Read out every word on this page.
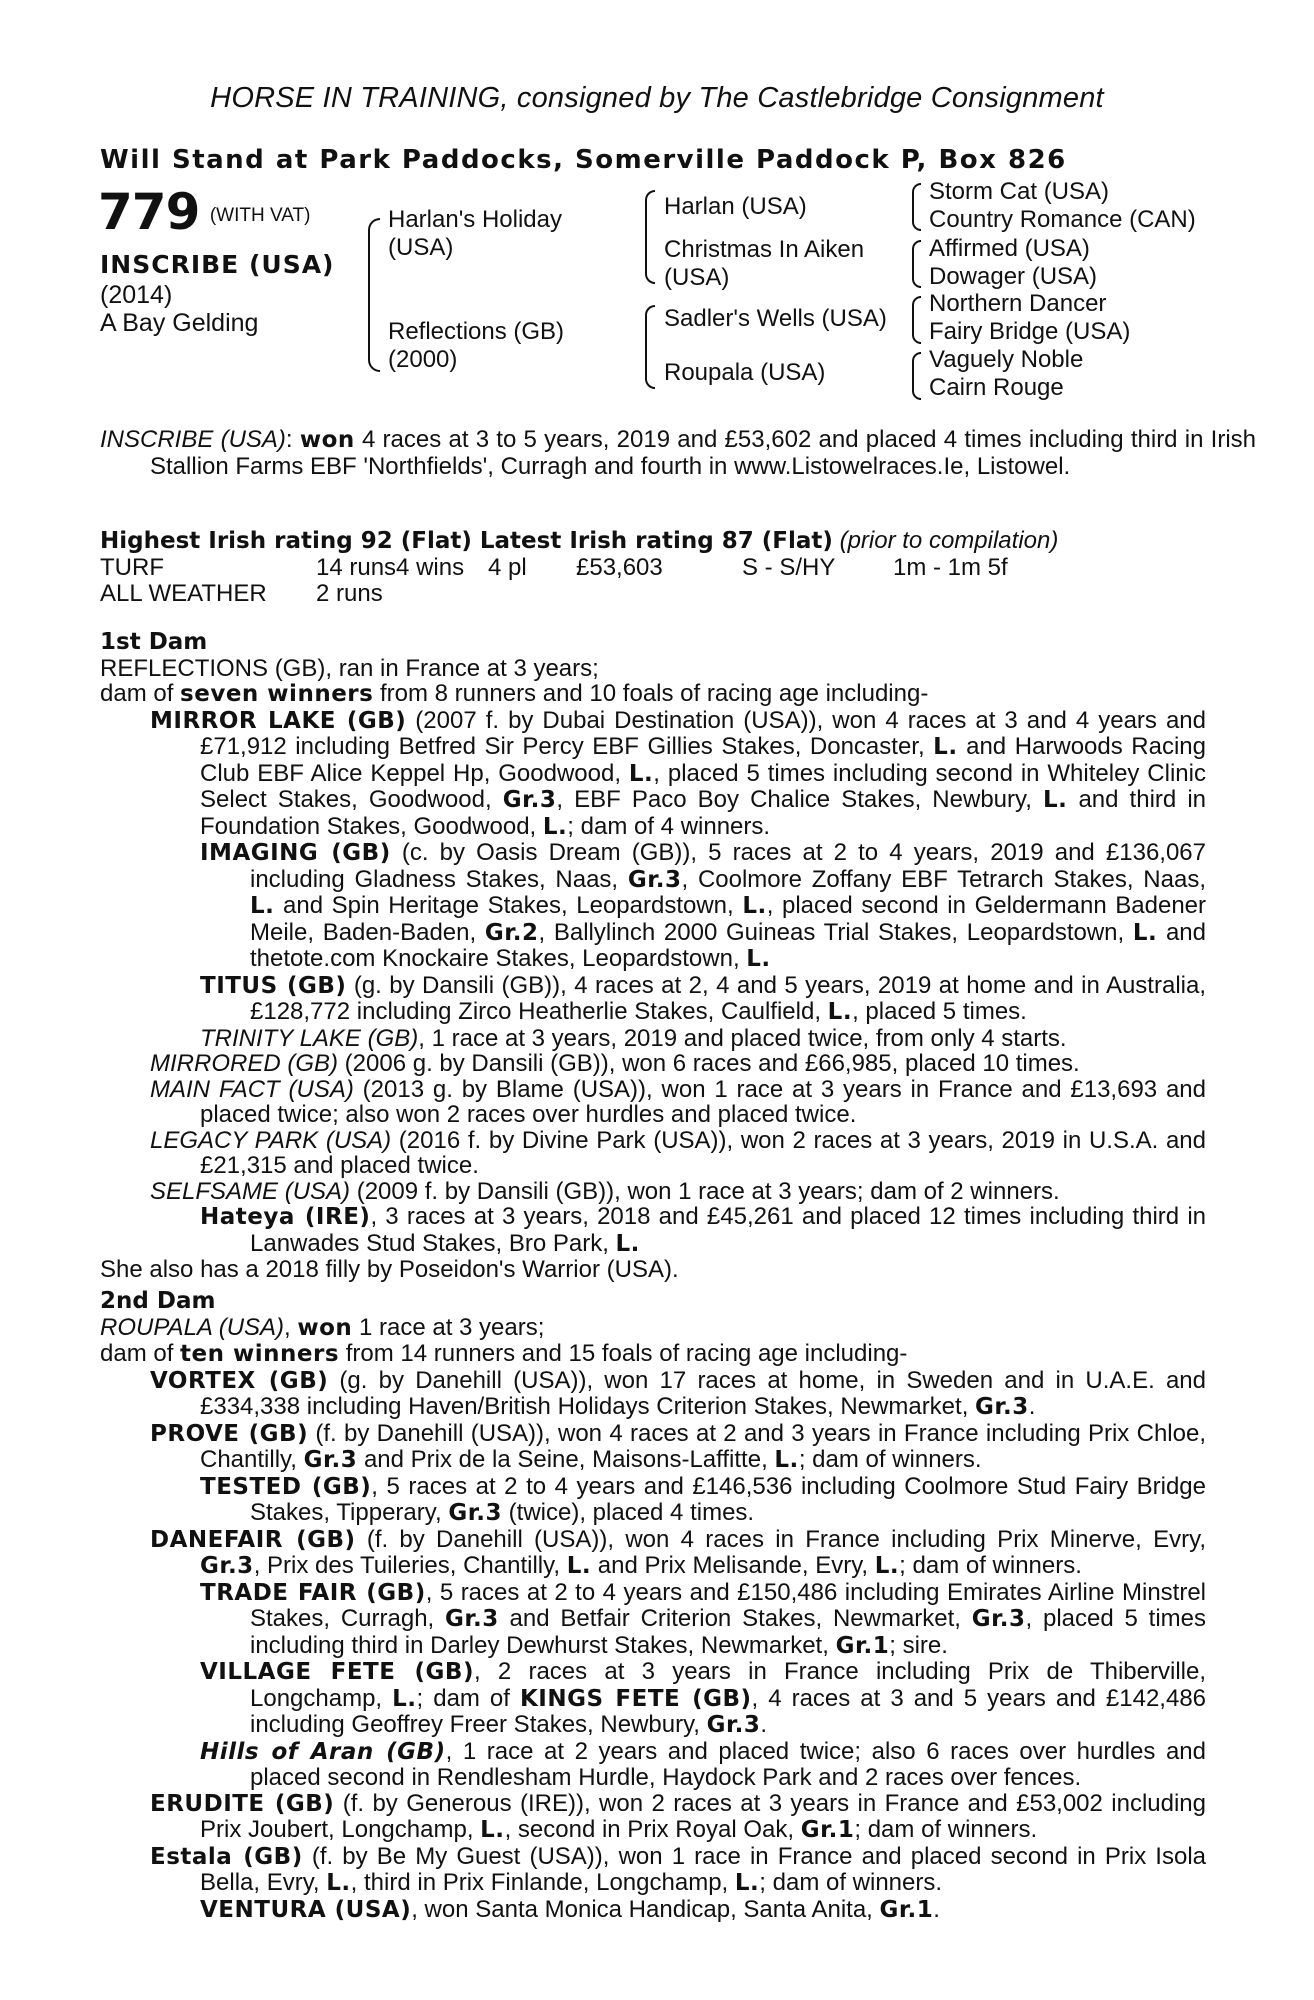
HORSE IN TRAINING, consigned by The Castlebridge Consignment
Will Stand at Park Paddocks, Somerville Paddock P, Box 826
779 (WITH VAT)
INSCRIBE (USA)
(2014)
A Bay Gelding
Harlan's Holiday
(USA)
Reflections (GB)
(2000)
Harlan (USA)
Christmas In Aiken
(USA)
Sadler's Wells (USA)
Roupala (USA)
Storm Cat (USA)
Country Romance (CAN)
Affirmed (USA)
Dowager (USA)
Northern Dancer
Fairy Bridge (USA)
Vaguely Noble
Cairn Rouge
INSCRIBE (USA): won 4 races at 3 to 5 years, 2019 and £53,602 and placed 4 times including third in Irish Stallion Farms EBF 'Northfields', Curragh and fourth in www.Listowelraces.Ie, Listowel.
Highest Irish rating 92 (Flat) Latest Irish rating 87 (Flat) (prior to compilation)
TURF	14 runs4 wins 4 pl £53,603	S - S/HY 1m - 1m 5f
ALL WEATHER 2 runs
1st Dam
REFLECTIONS (GB), ran in France at 3 years;
dam of seven winners from 8 runners and 10 foals of racing age including-
MIRROR LAKE (GB) (2007 f. by Dubai Destination (USA)), won 4 races at 3 and 4 years and £71,912 including Betfred Sir Percy EBF Gillies Stakes, Doncaster, L. and Harwoods Racing Club EBF Alice Keppel Hp, Goodwood, L., placed 5 times including second in Whiteley Clinic Select Stakes, Goodwood, Gr.3, EBF Paco Boy Chalice Stakes, Newbury, L. and third in Foundation Stakes, Goodwood, L.; dam of 4 winners.
IMAGING (GB) (c. by Oasis Dream (GB)), 5 races at 2 to 4 years, 2019 and £136,067 including Gladness Stakes, Naas, Gr.3, Coolmore Zoffany EBF Tetrarch Stakes, Naas, L. and Spin Heritage Stakes, Leopardstown, L., placed second in Geldermann Badener Meile, Baden-Baden, Gr.2, Ballylinch 2000 Guineas Trial Stakes, Leopardstown, L. and thetote.com Knockaire Stakes, Leopardstown, L.
TITUS (GB) (g. by Dansili (GB)), 4 races at 2, 4 and 5 years, 2019 at home and in Australia, £128,772 including Zirco Heatherlie Stakes, Caulfield, L., placed 5 times.
TRINITY LAKE (GB), 1 race at 3 years, 2019 and placed twice, from only 4 starts.
MIRRORED (GB) (2006 g. by Dansili (GB)), won 6 races and £66,985, placed 10 times.
MAIN FACT (USA) (2013 g. by Blame (USA)), won 1 race at 3 years in France and £13,693 and placed twice; also won 2 races over hurdles and placed twice.
LEGACY PARK (USA) (2016 f. by Divine Park (USA)), won 2 races at 3 years, 2019 in U.S.A. and £21,315 and placed twice.
SELFSAME (USA) (2009 f. by Dansili (GB)), won 1 race at 3 years; dam of 2 winners.
Hateya (IRE), 3 races at 3 years, 2018 and £45,261 and placed 12 times including third in Lanwades Stud Stakes, Bro Park, L.
She also has a 2018 filly by Poseidon's Warrior (USA).
2nd Dam
ROUPALA (USA), won 1 race at 3 years;
dam of ten winners from 14 runners and 15 foals of racing age including-
VORTEX (GB) (g. by Danehill (USA)), won 17 races at home, in Sweden and in U.A.E. and £334,338 including Haven/British Holidays Criterion Stakes, Newmarket, Gr.3.
PROVE (GB) (f. by Danehill (USA)), won 4 races at 2 and 3 years in France including Prix Chloe, Chantilly, Gr.3 and Prix de la Seine, Maisons-Laffitte, L.; dam of winners.
TESTED (GB), 5 races at 2 to 4 years and £146,536 including Coolmore Stud Fairy Bridge Stakes, Tipperary, Gr.3 (twice), placed 4 times.
DANEFAIR (GB) (f. by Danehill (USA)), won 4 races in France including Prix Minerve, Evry, Gr.3, Prix des Tuileries, Chantilly, L. and Prix Melisande, Evry, L.; dam of winners.
TRADE FAIR (GB), 5 races at 2 to 4 years and £150,486 including Emirates Airline Minstrel Stakes, Curragh, Gr.3 and Betfair Criterion Stakes, Newmarket, Gr.3, placed 5 times including third in Darley Dewhurst Stakes, Newmarket, Gr.1; sire.
VILLAGE FETE (GB), 2 races at 3 years in France including Prix de Thiberville, Longchamp, L.; dam of KINGS FETE (GB), 4 races at 3 and 5 years and £142,486 including Geoffrey Freer Stakes, Newbury, Gr.3.
Hills of Aran (GB), 1 race at 2 years and placed twice; also 6 races over hurdles and placed second in Rendlesham Hurdle, Haydock Park and 2 races over fences.
ERUDITE (GB) (f. by Generous (IRE)), won 2 races at 3 years in France and £53,002 including Prix Joubert, Longchamp, L., second in Prix Royal Oak, Gr.1; dam of winners.
Estala (GB) (f. by Be My Guest (USA)), won 1 race in France and placed second in Prix Isola Bella, Evry, L., third in Prix Finlande, Longchamp, L.; dam of winners.
VENTURA (USA), won Santa Monica Handicap, Santa Anita, Gr.1.
